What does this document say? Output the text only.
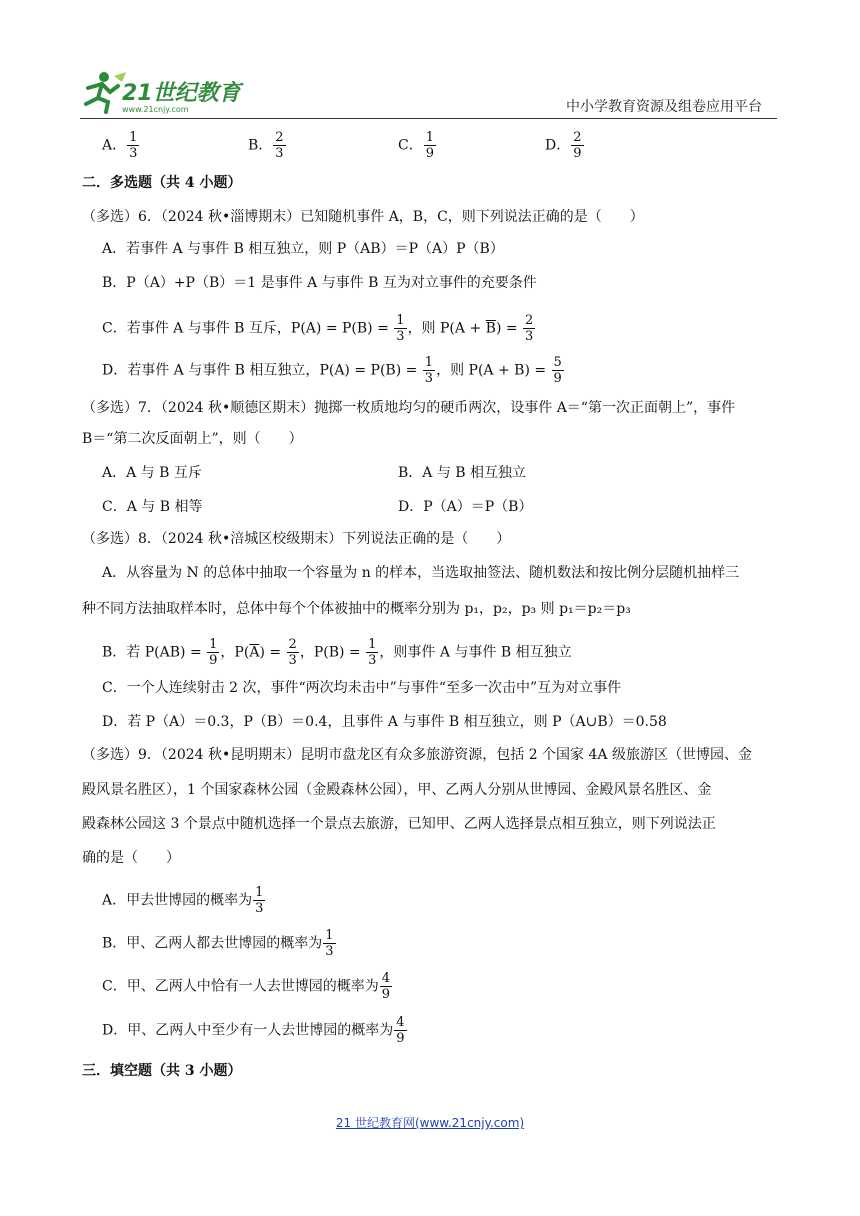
21世纪教育
www.21cnjy.com	中小学教育资源及组卷应用平台
A． $\frac{1}{3}$	B． $\frac{2}{3}$	C． $\frac{1}{9}$	D． $\frac{2}{9}$
二．多选题（共 4 小题）
（多选）6．（2024 秋•淄博期末）已知随机事件 A，B，C，则下列说法正确的是（　　）
A．若事件 A 与事件 B 相互独立，则 P（AB）＝P（A）P（B）
B．P（A）+P（B）＝1 是事件 A 与事件 B 互为对立事件的充要条件
C．若事件 A 与事件 B 互斥，$P(A) = P(B) = \frac{1}{3}$ ，则 $P(A + \overline{B}) = \frac{2}{3}$
D．若事件 A 与事件 B 相互独立，$P(A) = P(B) = \frac{1}{3}$ ，则 $P(A + B) = \frac{5}{9}$
（多选）7．（2024 秋•顺德区期末）抛掷一枚质地均匀的硬币两次，设事件 A＝“第一次正面朝上”，事件
B＝“第二次反面朝上”，则（　　）
A．A 与 B 互斥	B．A 与 B 相互独立
C．A 与 B 相等	D．P（A）＝P（B）
（多选）8．（2024 秋•涪城区校级期末）下列说法正确的是（　　）
A．从容量为 N 的总体中抽取一个容量为 n 的样本，当选取抽签法、随机数法和按比例分层随机抽样三
种不同方法抽取样本时，总体中每个个体被抽中的概率分别为 p₁，p₂，p₃ 则 p₁＝p₂＝p₃
B．若 $P(AB) = \frac{1}{9}$ ，$P(\overline{A}) = \frac{2}{3}$ ，$P(B) = \frac{1}{3}$ ，则事件 A 与事件 B 相互独立
C．一个人连续射击 2 次，事件“两次均未击中”与事件“至多一次击中”互为对立事件
D．若 P（A）＝0.3，P（B）＝0.4，且事件 A 与事件 B 相互独立，则 P（A∪B）＝0.58
（多选）9．（2024 秋•昆明期末）昆明市盘龙区有众多旅游资源，包括 2 个国家 4A 级旅游区（世博园、金
殿风景名胜区），1 个国家森林公园（金殿森林公园），甲、乙两人分别从世博园、金殿风景名胜区、金
殿森林公园这 3 个景点中随机选择一个景点去旅游，已知甲、乙两人选择景点相互独立，则下列说法正
确的是（　　）
A．甲去世博园的概率为 $\frac{1}{3}$
B．甲、乙两人都去世博园的概率为 $\frac{1}{3}$
C．甲、乙两人中恰有一人去世博园的概率为 $\frac{4}{9}$
D．甲、乙两人中至少有一人去世博园的概率为 $\frac{4}{9}$
三．填空题（共 3 小题）
21 世纪教育网(www.21cnjy.com)
